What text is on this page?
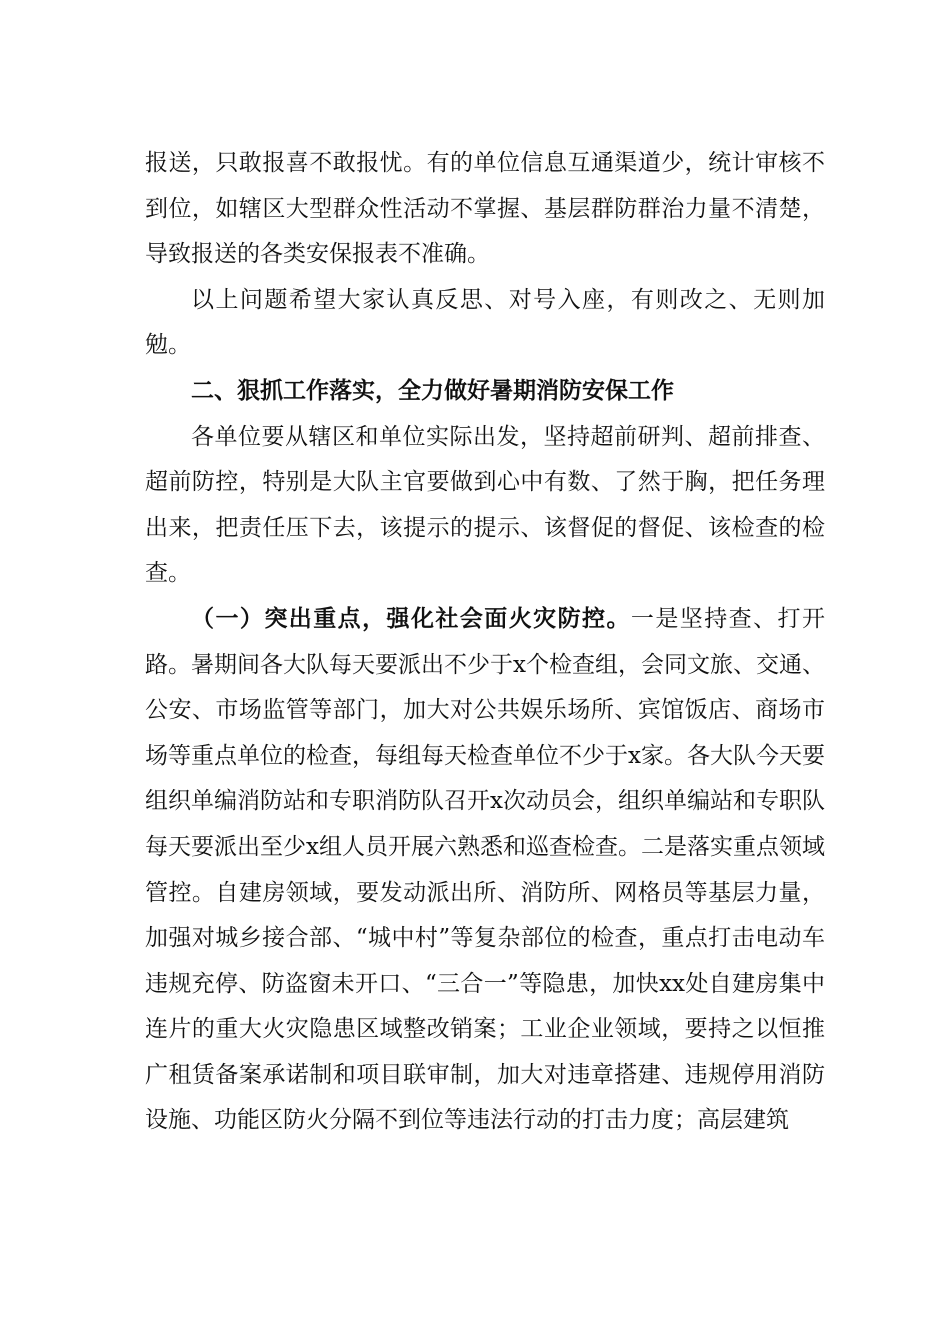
报送，只敢报喜不敢报忧。有的单位信息互通渠道少，统计审核不到位，如辖区大型群众性活动不掌握、基层群防群治力量不清楚，导致报送的各类安保报表不准确。

以上问题希望大家认真反思、对号入座，有则改之、无则加勉。

二、狠抓工作落实，全力做好暑期消防安保工作

各单位要从辖区和单位实际出发，坚持超前研判、超前排查、超前防控，特别是大队主官要做到心中有数、了然于胸，把任务理出来，把责任压下去，该提示的提示、该督促的督促、该检查的检查。

（一）突出重点，强化社会面火灾防控。一是坚持查、打开路。暑期间各大队每天要派出不少于x个检查组，会同文旅、交通、公安、市场监管等部门，加大对公共娱乐场所、宾馆饭店、商场市场等重点单位的检查，每组每天检查单位不少于x家。各大队今天要组织单编消防站和专职消防队召开x次动员会，组织单编站和专职队每天要派出至少x组人员开展六熟悉和巡查检查。二是落实重点领域管控。自建房领域，要发动派出所、消防所、网格员等基层力量，加强对城乡接合部、“城中村”等复杂部位的检查，重点打击电动车违规充停、防盗窗未开口、“三合一”等隐患，加快xx处自建房集中连片的重大火灾隐患区域整改销案；工业企业领域，要持之以恒推广租赁备案承诺制和项目联审制，加大对违章搭建、违规停用消防设施、功能区防火分隔不到位等违法行动的打击力度；高层建筑
